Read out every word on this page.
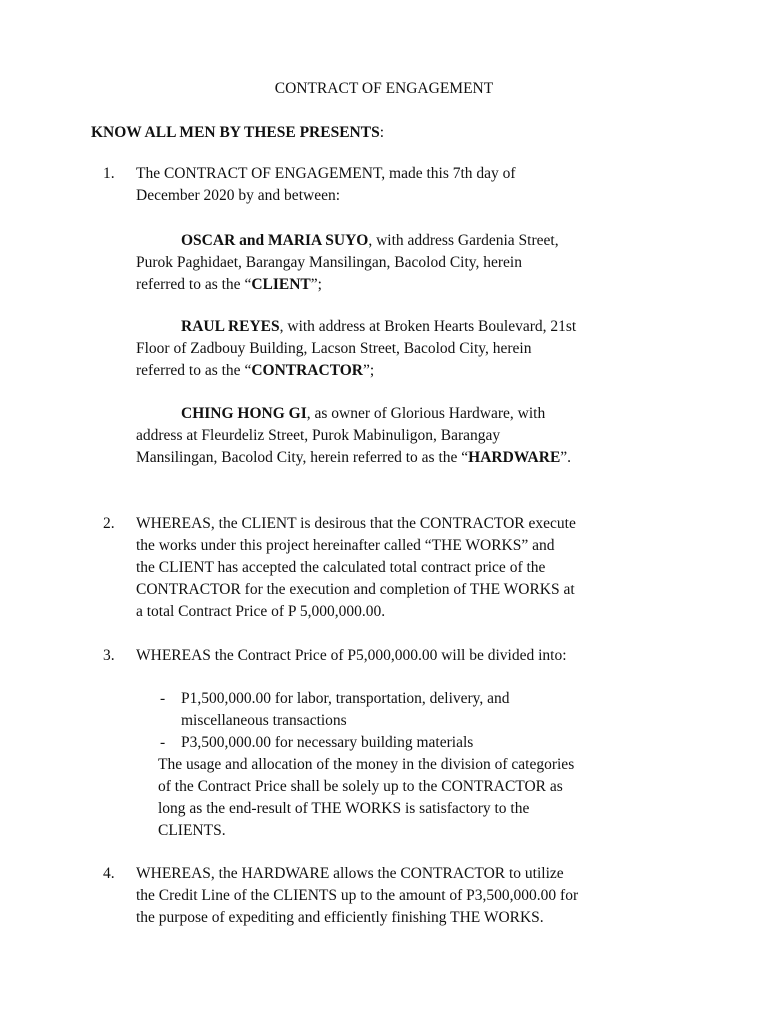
CONTRACT OF ENGAGEMENT
KNOW ALL MEN BY THESE PRESENTS:
1. The CONTRACT OF ENGAGEMENT, made this 7th day of
December 2020 by and between:
OSCAR and MARIA SUYO, with address Gardenia Street,
Purok Paghidaet, Barangay Mansilingan, Bacolod City, herein
referred to as the “CLIENT”;
RAUL REYES, with address at Broken Hearts Boulevard, 21st
Floor of Zadbouy Building, Lacson Street, Bacolod City, herein
referred to as the “CONTRACTOR”;
CHING HONG GI, as owner of Glorious Hardware, with
address at Fleurdeliz Street, Purok Mabinuligon, Barangay
Mansilingan, Bacolod City, herein referred to as the “HARDWARE”.
2. WHEREAS, the CLIENT is desirous that the CONTRACTOR execute
the works under this project hereinafter called “THE WORKS” and
the CLIENT has accepted the calculated total contract price of the
CONTRACTOR for the execution and completion of THE WORKS at
a total Contract Price of P 5,000,000.00.
3. WHEREAS the Contract Price of P5,000,000.00 will be divided into:
- P1,500,000.00 for labor, transportation, delivery, and
miscellaneous transactions
- P3,500,000.00 for necessary building materials
The usage and allocation of the money in the division of categories
of the Contract Price shall be solely up to the CONTRACTOR as
long as the end-result of THE WORKS is satisfactory to the
CLIENTS.
4. WHEREAS, the HARDWARE allows the CONTRACTOR to utilize
the Credit Line of the CLIENTS up to the amount of P3,500,000.00 for
the purpose of expediting and efficiently finishing THE WORKS.
